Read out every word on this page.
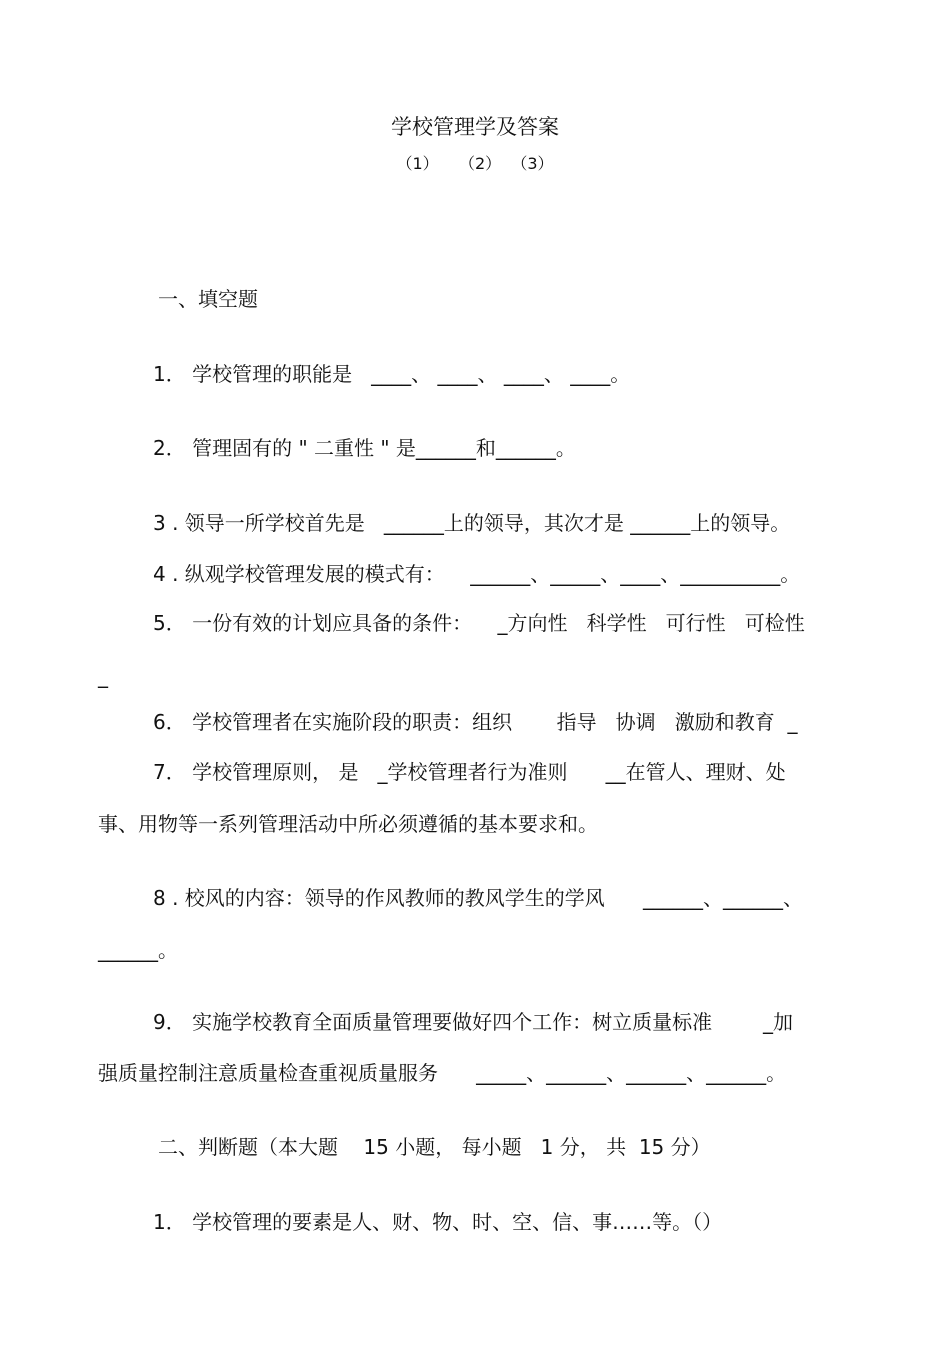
学校管理学及答案
（1）    （2）  （3）
一、填空题
1． 学校管理的职能是   ____、 ____、 ____、 ____。
2． 管理固有的 " 二重性 " 是______和______。
3 . 领导一所学校首先是   ______上的领导，其次才是 ______上的领导。
4 . 纵观学校管理发展的模式有：    ______、_____、____、__________。
5． 一份有效的计划应具备的条件：    _方向性   科学性   可行性   可检性
_
6． 学校管理者在实施阶段的职责：组织       指导   协调   激励和教育  _
7． 学校管理原则， 是   _学校管理者行为准则      __在管人、理财、处
事、用物等一系列管理活动中所必须遵循的基本要求和。
8 . 校风的内容：领导的作风教师的教风学生的学风      ______、______、
______。
9． 实施学校教育全面质量管理要做好四个工作：树立质量标准        _加
强质量控制注意质量检查重视质量服务      _____、______、______、______。
二、判断题（本大题    15 小题， 每小题   1 分， 共  15 分）
1． 学校管理的要素是人、财、物、时、空、信、事……等。（）
